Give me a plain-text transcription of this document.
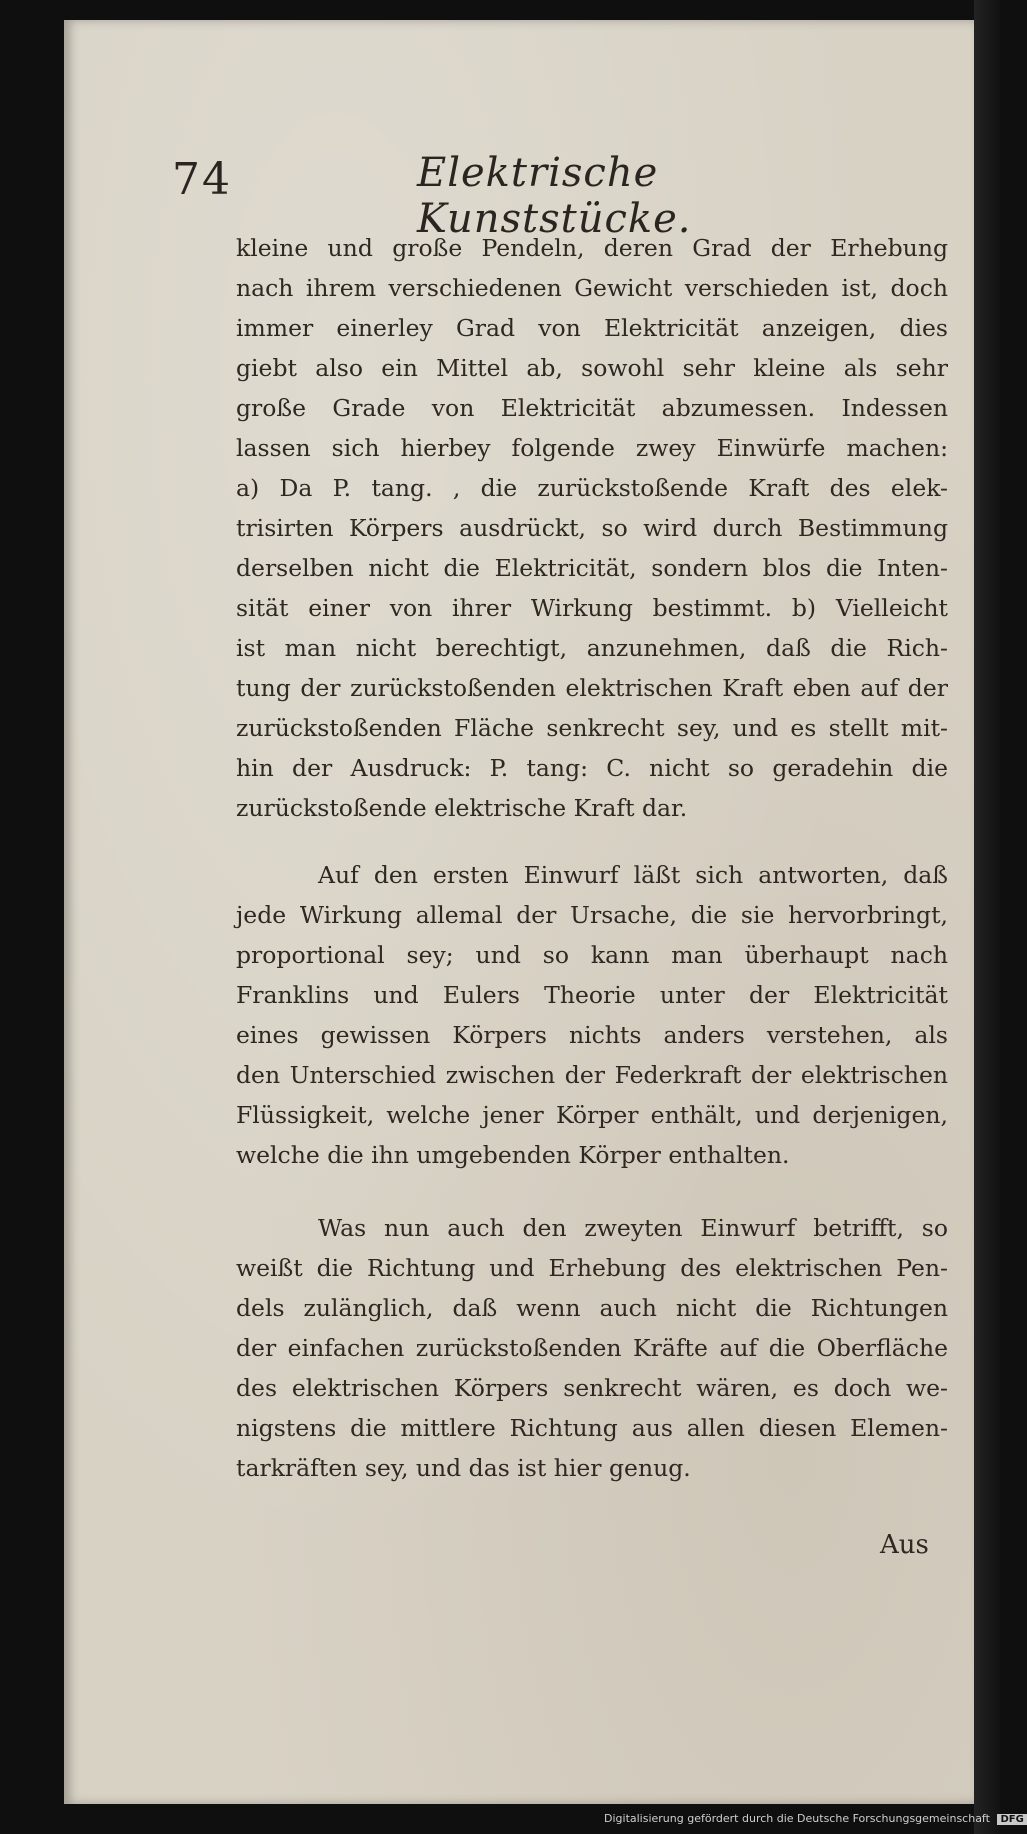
74	Elektrische Kunststücke.
kleine und große Pendeln, deren Grad der Erhebung
nach ihrem verschiedenen Gewicht verschieden ist, doch
immer einerley Grad von Elektricität anzeigen, dies
giebt also ein Mittel ab, sowohl sehr kleine als sehr
große Grade von Elektricität abzumessen. Indessen
lassen sich hierbey folgende zwey Einwürfe machen:
a) Da P. tang. , die zurückstoßende Kraft des elek-
trisirten Körpers ausdrückt, so wird durch Bestimmung
derselben nicht die Elektricität, sondern blos die Inten-
sität einer von ihrer Wirkung bestimmt. b) Vielleicht
ist man nicht berechtigt, anzunehmen, daß die Rich-
tung der zurückstoßenden elektrischen Kraft eben auf der
zurückstoßenden Fläche senkrecht sey, und es stellt mit-
hin der Ausdruck: P. tang: C. nicht so geradehin die
zurückstoßende elektrische Kraft dar.
Auf den ersten Einwurf läßt sich antworten, daß
jede Wirkung allemal der Ursache, die sie hervorbringt,
proportional sey; und so kann man überhaupt nach
Franklins und Eulers Theorie unter der Elektricität
eines gewissen Körpers nichts anders verstehen, als
den Unterschied zwischen der Federkraft der elektrischen
Flüssigkeit, welche jener Körper enthält, und derjenigen,
welche die ihn umgebenden Körper enthalten.
Was nun auch den zweyten Einwurf betrifft, so
weißt die Richtung und Erhebung des elektrischen Pen-
dels zulänglich, daß wenn auch nicht die Richtungen
der einfachen zurückstoßenden Kräfte auf die Oberfläche
des elektrischen Körpers senkrecht wären, es doch we-
nigstens die mittlere Richtung aus allen diesen Elemen-
tarkräften sey, und das ist hier genug.
Aus
Digitalisierung gefördert durch die Deutsche Forschungsgemeinschaft DFG
